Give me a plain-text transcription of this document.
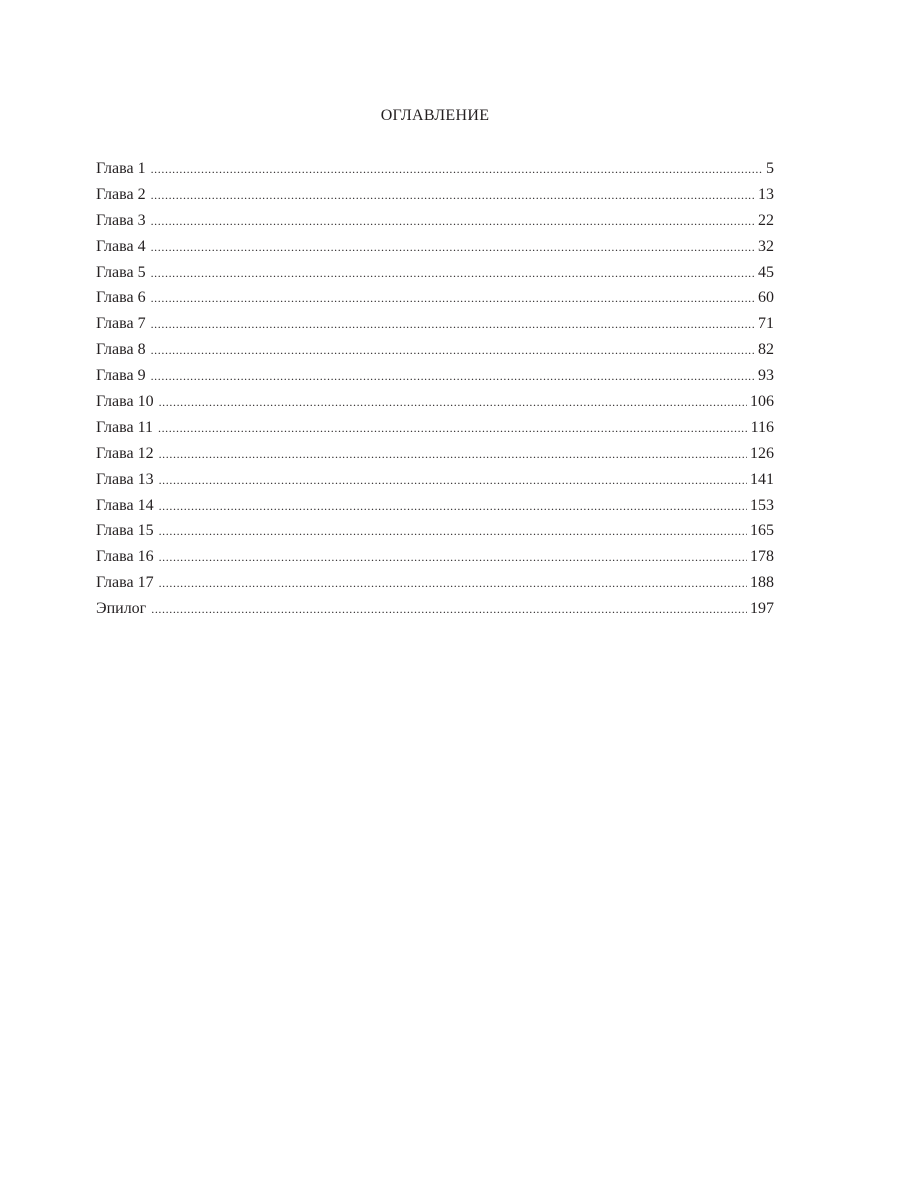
ОГЛАВЛЕНИЕ
Глава 1 .....	5
Глава 2 .....	13
Глава 3 .....	22
Глава 4 .....	32
Глава 5 .....	45
Глава 6 .....	60
Глава 7 .....	71
Глава 8 .....	82
Глава 9 .....	93
Глава 10 .....	106
Глава 11 .....	116
Глава 12 .....	126
Глава 13 .....	141
Глава 14 .....	153
Глава 15 .....	165
Глава 16 .....	178
Глава 17 .....	188
Эпилог .....	197
